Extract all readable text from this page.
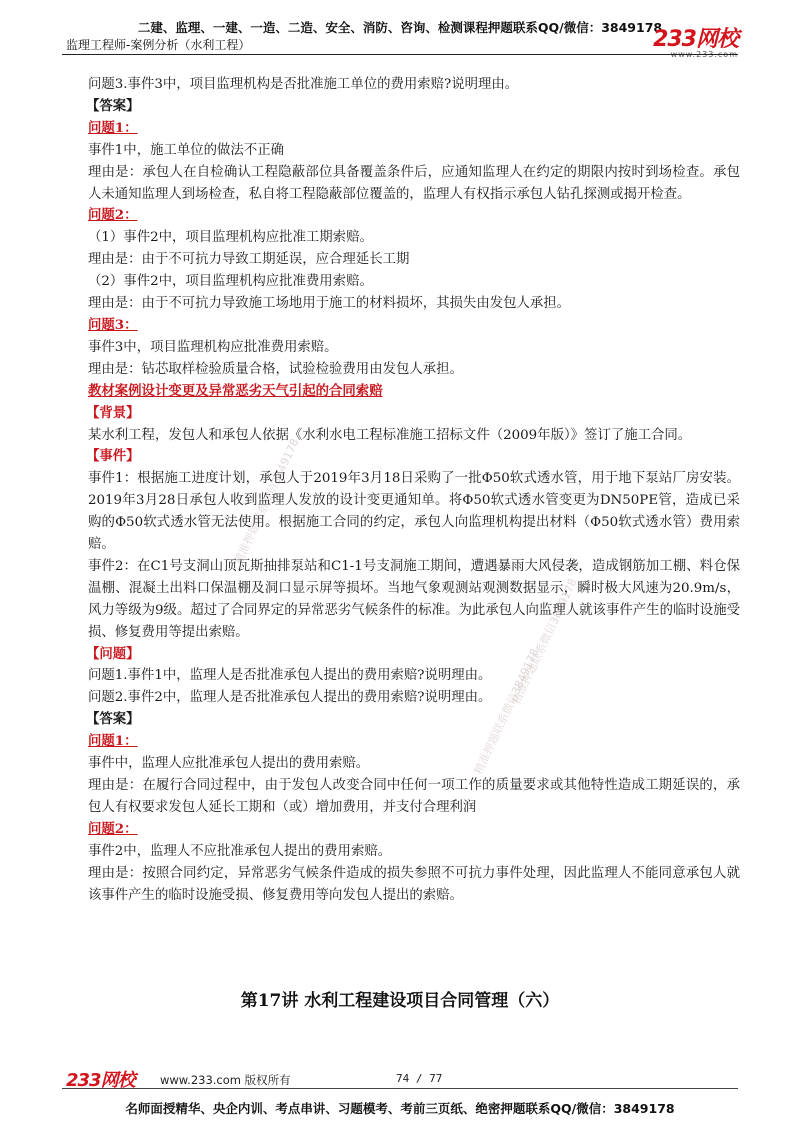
二建、监理、一建、一造、二造、安全、消防、咨询、检测课程押题联系QQ/微信：3849178
监理工程师-案例分析（水利工程）	233网校
www.233.com
精准押题联系微信3849178
精准押题联系微信3849178
精准押题联系微信3849178

问题3.事件3中，项目监理机构是否批准施工单位的费用索赔?说明理由。

【答案】

问题1：

事件1中，施工单位的做法不正确

理由是：承包人在自检确认工程隐蔽部位具备覆盖条件后，应通知监理人在约定的期限内按时到场检查。承包人未通知监理人到场检查，私自将工程隐蔽部位覆盖的，监理人有权指示承包人钻孔探测或揭开检查。

问题2：

（1）事件2中，项目监理机构应批准工期索赔。

理由是：由于不可抗力导致工期延误，应合理延长工期

（2）事件2中，项目监理机构应批准费用索赔。

理由是：由于不可抗力导致施工场地用于施工的材料损坏，其损失由发包人承担。

问题3：

事件3中，项目监理机构应批准费用索赔。

理由是：钻芯取样检验质量合格，试验检验费用由发包人承担。

教材案例设计变更及异常恶劣天气引起的合同索赔

【背景】

某水利工程，发包人和承包人依据《水利水电工程标准施工招标文件（2009年版）》签订了施工合同。

【事件】

事件1：根据施工进度计划，承包人于2019年3月18日采购了一批Φ50软式透水管，用于地下泵站厂房安装。2019年3月28日承包人收到监理人发放的设计变更通知单。将Φ50软式透水管变更为DN50PE管，造成已采购的Φ50软式透水管无法使用。根据施工合同的约定，承包人向监理机构提出材料（Φ50软式透水管）费用索赔。

事件2：在C1号支洞山顶瓦斯抽排泵站和C1-1号支洞施工期间，遭遇暴雨大风侵袭，造成钢筋加工棚、料仓保温棚、混凝土出料口保温棚及洞口显示屏等损坏。当地气象观测站观测数据显示，瞬时极大风速为20.9m/s，风力等级为9级。超过了合同界定的异常恶劣气候条件的标准。为此承包人向监理人就该事件产生的临时设施受损、修复费用等提出索赔。

【问题】

问题1.事件1中，监理人是否批准承包人提出的费用索赔?说明理由。

问题2.事件2中，监理人是否批准承包人提出的费用索赔?说明理由。

【答案】

问题1：

事件中，监理人应批准承包人提出的费用索赔。

理由是：在履行合同过程中，由于发包人改变合同中任何一项工作的质量要求或其他特性造成工期延误的，承包人有权要求发包人延长工期和（或）增加费用，并支付合理利润

问题2：

事件2中，监理人不应批准承包人提出的费用索赔。

理由是：按照合同约定，异常恶劣气候条件造成的损失参照不可抗力事件处理，因此监理人不能同意承包人就该事件产生的临时设施受损、修复费用等向发包人提出的索赔。

第17讲 水利工程建设项目合同管理（六）
233网校 www.233.com 版权所有	74 / 77
名师面授精华、央企内训、考点串讲、习题模考、考前三页纸、绝密押题联系QQ/微信：3849178
